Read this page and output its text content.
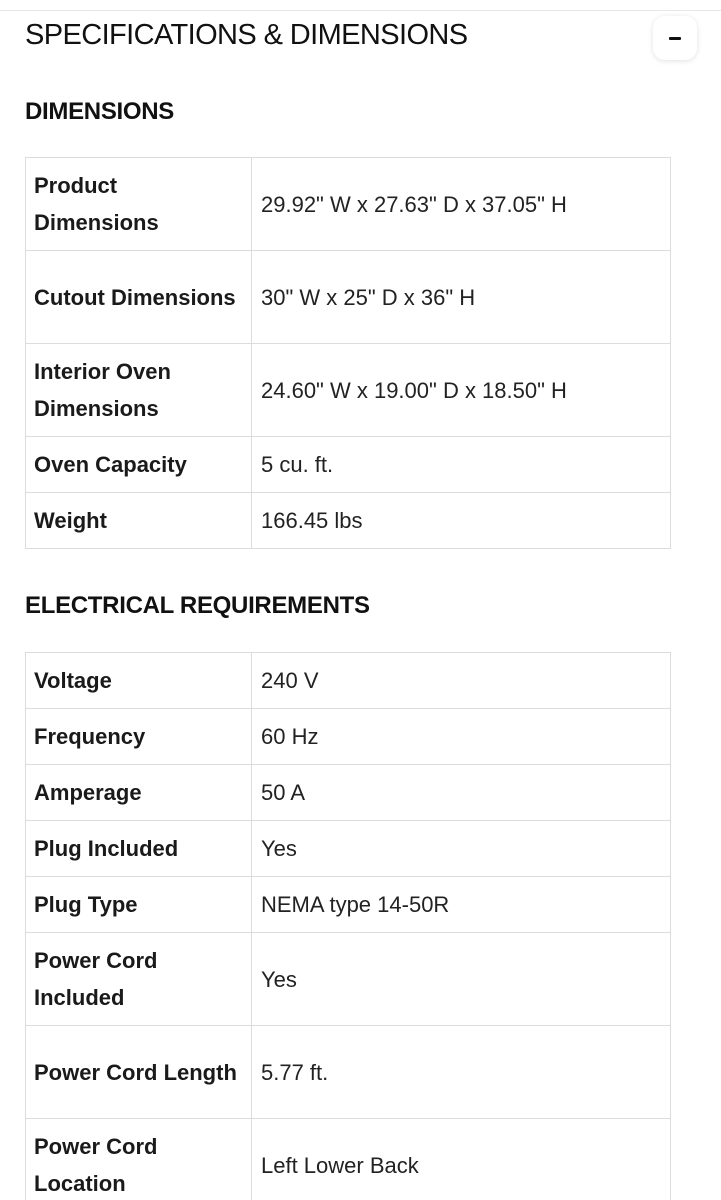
SPECIFICATIONS & DIMENSIONS
DIMENSIONS
Product Dimensions	29.92" W x 27.63" D x 37.05" H
Cutout Dimensions	30" W x 25" D x 36" H
Interior Oven Dimensions	24.60" W x 19.00" D x 18.50" H
Oven Capacity	5 cu. ft.
Weight	166.45 lbs
ELECTRICAL REQUIREMENTS
Voltage	240 V
Frequency	60 Hz
Amperage	50 A
Plug Included	Yes
Plug Type	NEMA type 14-50R
Power Cord Included	Yes
Power Cord Length	5.77 ft.
Power Cord Location	Left Lower Back
